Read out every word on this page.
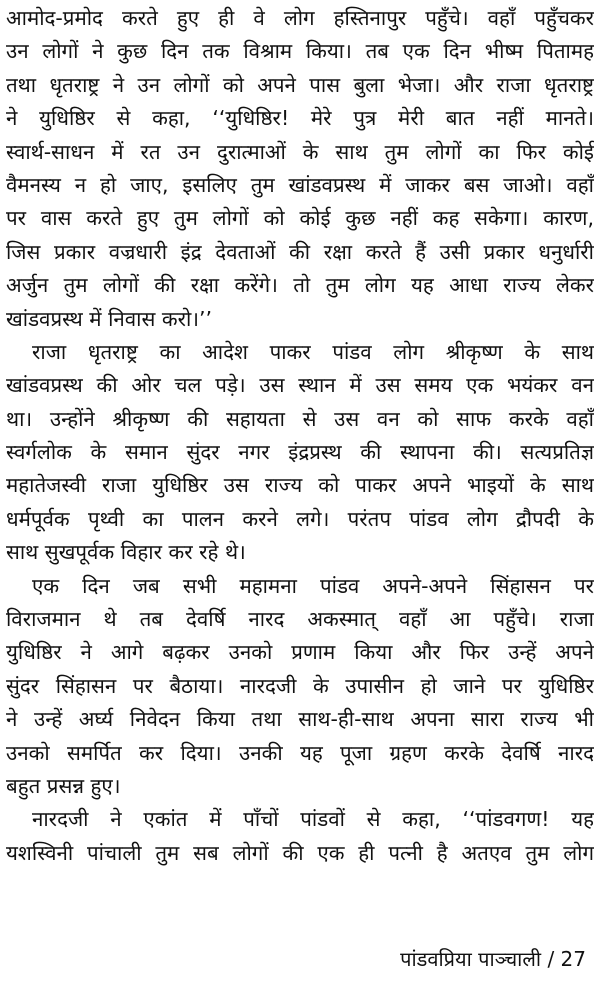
आमोद-प्रमोद करते हुए ही वे लोग हस्तिनापुर पहुँचे। वहाँ पहुँचकर
उन लोगों ने कुछ दिन तक विश्राम किया। तब एक दिन भीष्म पितामह
तथा धृतराष्ट्र ने उन लोगों को अपने पास बुला भेजा। और राजा धृतराष्ट्र
ने युधिष्ठिर से कहा, ‘‘युधिष्ठिर! मेरे पुत्र मेरी बात नहीं मानते।
स्वार्थ-साधन में रत उन दुरात्माओं के साथ तुम लोगों का फिर कोई
वैमनस्य न हो जाए, इसलिए तुम खांडवप्रस्थ में जाकर बस जाओ। वहाँ
पर वास करते हुए तुम लोगों को कोई कुछ नहीं कह सकेगा। कारण,
जिस प्रकार वज्रधारी इंद्र देवताओं की रक्षा करते हैं उसी प्रकार धनुर्धारी
अर्जुन तुम लोगों की रक्षा करेंगे। तो तुम लोग यह आधा राज्य लेकर
खांडवप्रस्थ में निवास करो।’’
राजा धृतराष्ट्र का आदेश पाकर पांडव लोग श्रीकृष्ण के साथ
खांडवप्रस्थ की ओर चल पड़े। उस स्थान में उस समय एक भयंकर वन
था। उन्होंने श्रीकृष्ण की सहायता से उस वन को साफ करके वहाँ
स्वर्गलोक के समान सुंदर नगर इंद्रप्रस्थ की स्थापना की। सत्यप्रतिज्ञ
महातेजस्वी राजा युधिष्ठिर उस राज्य को पाकर अपने भाइयों के साथ
धर्मपूर्वक पृथ्वी का पालन करने लगे। परंतप पांडव लोग द्रौपदी के
साथ सुखपूर्वक विहार कर रहे थे।
एक दिन जब सभी महामना पांडव अपने-अपने सिंहासन पर
विराजमान थे तब देवर्षि नारद अकस्मात् वहाँ आ पहुँचे। राजा
युधिष्ठिर ने आगे बढ़कर उनको प्रणाम किया और फिर उन्हें अपने
सुंदर सिंहासन पर बैठाया। नारदजी के उपासीन हो जाने पर युधिष्ठिर
ने उन्हें अर्घ्य निवेदन किया तथा साथ-ही-साथ अपना सारा राज्य भी
उनको समर्पित कर दिया। उनकी यह पूजा ग्रहण करके देवर्षि नारद
बहुत प्रसन्न हुए।
नारदजी ने एकांत में पाँचों पांडवों से कहा, ‘‘पांडवगण! यह
यशस्विनी पांचाली तुम सब लोगों की एक ही पत्नी है अतएव तुम लोग
पांडवप्रिया पाञ्चाली / 27
